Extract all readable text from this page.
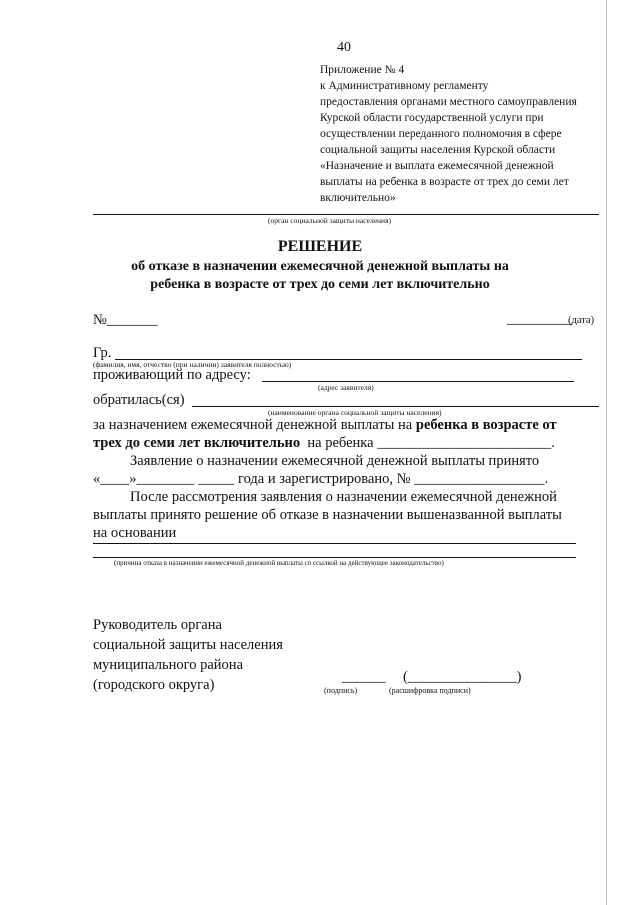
40
Приложение № 4
к Административному регламенту
предоставления органами местного самоуправления
Курской области государственной услуги при
осуществлении переданного полномочия в сфере
социальной защиты населения Курской области
«Назначение и выплата ежемесячной денежной
выплаты на ребенка в возрасте от трех до семи лет
включительно»
(орган социальной защиты населения)
РЕШЕНИЕ
об отказе в назначении ежемесячной денежной выплаты на
ребенка в возрасте от трех до семи лет включительно
№_______	_________
(дата)
Гр.
(фамилия, имя, отчество (при наличии) заявителя полностью)
проживающий по адресу:
(адрес заявителя)
обратилась(ся)
(наименование органа социальной защиты населения)
за назначением ежемесячной денежной выплаты на ребенка в возрасте от
трех до семи лет включительно на ребенка ________________________.
Заявление о назначении ежемесячной денежной выплаты принято
«____»________ _____ года и зарегистрировано, № __________________.
После рассмотрения заявления о назначении ежемесячной денежной
выплаты принято решение об отказе в назначении вышеназванной выплаты
на основании
(причина отказа в назначении ежемесячной денежной выплаты со ссылкой на действующее законодательство)
Руководитель органа
социальной защиты населения
муниципального района
(городского округа)	______ (_______________)
(подпись)	(расшифровка подписи)
